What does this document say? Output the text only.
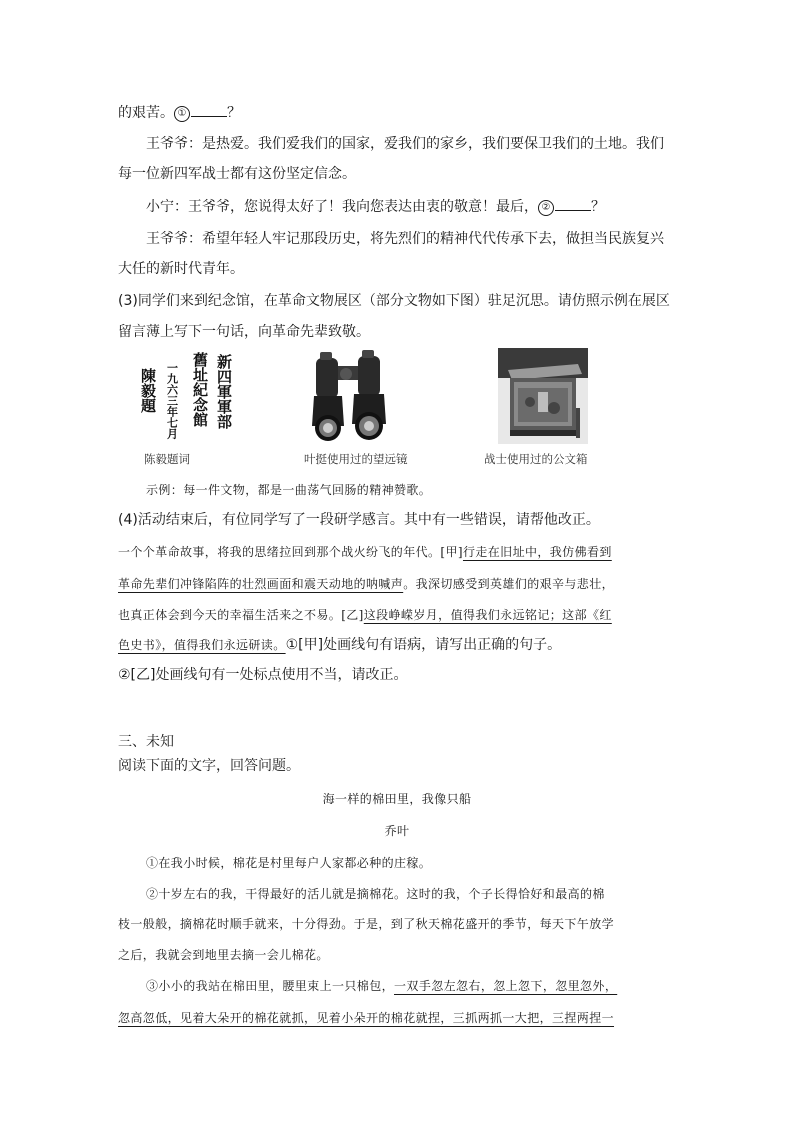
的艰苦。 ①	？
王爷爷：是热爱。我们爱我们的国家，爱我们的家乡，我们要保卫我们的土地。我们
每一位新四军战士都有这份坚定信念。
小宁：王爷爷，您说得太好了！我向您表达由衷的敬意！最后， ②	？
王爷爷：希望年轻人牢记那段历史，将先烈们的精神代代传承下去，做担当民族复兴
大任的新时代青年。
(3)同学们来到纪念馆，在革命文物展区（部分文物如下图）驻足沉思。请仿照示例在展区
留言薄上写下一句话，向革命先辈致敬。
新四軍軍部
舊址紀念館
一九六三年七月
陳毅題
陈毅题词	叶挺使用过的望远镜	战士使用过的公文箱
示例：每一件文物，都是一曲荡气回肠的精神赞歌。
(4)活动结束后，有位同学写了一段研学感言。其中有一些错误，请帮他改正。
一个个革命故事，将我的思绪拉回到那个战火纷飞的年代。[甲]行走在旧址中，我仿佛看到
革命先辈们冲锋陷阵的壮烈画面和震天动地的呐喊声。我深切感受到英雄们的艰辛与悲壮，
也真正体会到今天的幸福生活来之不易。[乙]这段峥嵘岁月，值得我们永远铭记；这部《红
色史书》，值得我们永远研读。①[甲]处画线句有语病，请写出正确的句子。
②[乙]处画线句有一处标点使用不当，请改正。
三、未知
阅读下面的文字，回答问题。
海一样的棉田里，我像只船
乔叶
①在我小时候，棉花是村里每户人家都必种的庄稼。
②十岁左右的我，干得最好的活儿就是摘棉花。这时的我，个子长得恰好和最高的棉
枝一般般，摘棉花时顺手就来，十分得劲。于是，到了秋天棉花盛开的季节，每天下午放学
之后，我就会到地里去摘一会儿棉花。
③小小的我站在棉田里，腰里束上一只棉包，一双手忽左忽右，忽上忽下，忽里忽外，
忽高忽低，见着大朵开的棉花就抓，见着小朵开的棉花就捏，三抓两抓一大把，三捏两捏一
